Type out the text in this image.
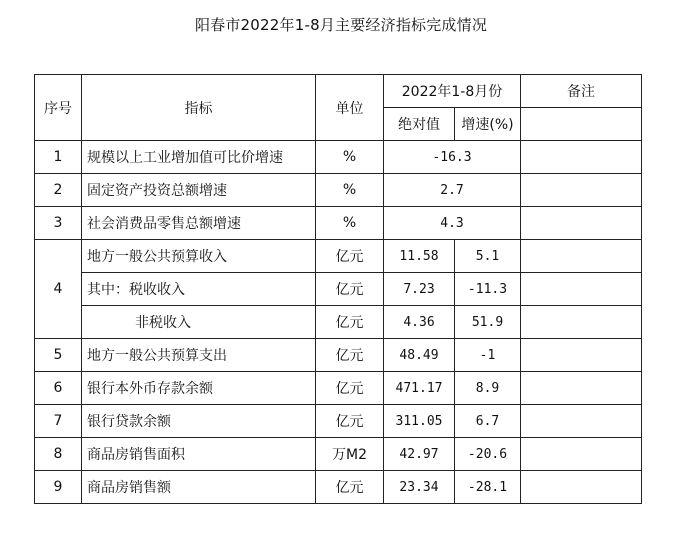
阳春市2022年1-8月主要经济指标完成情况
序号	指标	单位	2022年1-8月份		备注
			绝对值	增速(%)	
1	规模以上工业增加值可比价增速	%	-16.3		
2	固定资产投资总额增速	%	2.7		
3	社会消费品零售总额增速	%	4.3		
4	地方一般公共预算收入	亿元	11.58	5.1	
	其中：税收收入	亿元	7.23	-11.3	
	非税收入	亿元	4.36	51.9	
5	地方一般公共预算支出	亿元	48.49	-1	
6	银行本外币存款余额	亿元	471.17	8.9	
7	银行贷款余额	亿元	311.05	6.7	
8	商品房销售面积	万M2	42.97	-20.6	
9	商品房销售额	亿元	23.34	-28.1	
